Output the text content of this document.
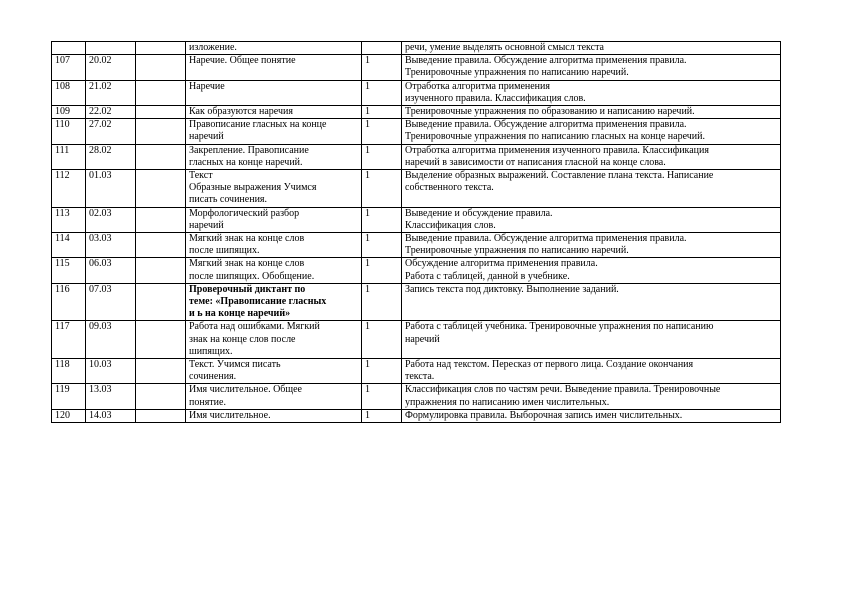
			изложение.		речи, умение выделять основной смысл текста

107	20.02		Наречие. Общее понятие	1	Выведение правила. Обсуждение алгоритма применения правила.
Тренировочные упражнения по написанию наречий.

108	21.02		Наречие	1	Отработка алгоритма применения
изученного правила. Классификация слов.

109	22.02		Как образуются наречия	1	Тренировочные упражнения по образованию и написанию наречий.

110	27.02		Правописание гласных на конце
наречий	1	Выведение правила. Обсуждение алгоритма применения правила.
Тренировочные упражнения по написанию гласных на конце наречий.

111	28.02		Закрепление. Правописание
гласных на конце наречий.	1	Отработка алгоритма применения изученного правила. Классификация
наречий в зависимости от написания гласной на конце слова.

112	01.03		Текст
Образные выражения Учимся
писать сочинения.	1	Выделение образных выражений. Составление плана текста. Написание
собственного текста.

113	02.03		Морфологический разбор
наречий	1	Выведение и обсуждение правила.
Классификация слов.

114	03.03		Мягкий знак на конце слов
после шипящих.	1	Выведение правила. Обсуждение алгоритма применения правила.
Тренировочные упражнения по написанию наречий.

115	06.03		Мягкий знак на конце слов
после шипящих. Обобщение.	1	Обсуждение алгоритма применения правила.
Работа с таблицей, данной в учебнике.

116	07.03		Проверочный диктант по
теме: «Правописание гласных
и ь на конце наречий»	1	Запись текста под диктовку. Выполнение заданий.

117	09.03		Работа над ошибками. Мягкий
знак на конце слов после
шипящих.	1	Работа с таблицей учебника. Тренировочные упражнения по написанию
наречий

118	10.03		Текст. Учимся писать
сочинения.	1	Работа над текстом. Пересказ от первого лица. Создание окончания
текста.

119	13.03		Имя числительное. Общее
понятие.	1	Классификация слов по частям речи. Выведение правила. Тренировочные
упражнения по написанию имен числительных.

120	14.03		Имя числительное.	1	Формулировка правила. Выборочная запись имен числительных.
